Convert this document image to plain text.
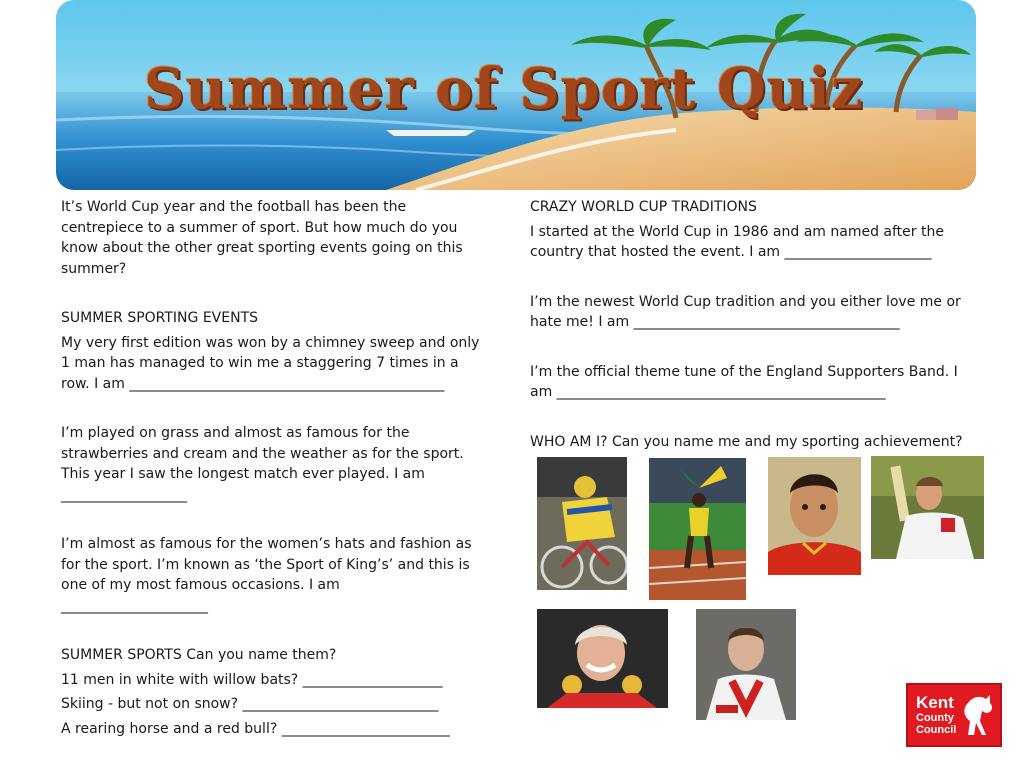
Summer of Sport Quiz

It’s World Cup year and the football has been the centrepiece to a summer of sport. But how much do you know about the other great sporting events going on this summer?

SUMMER SPORTING EVENTS

My very first edition was won by a chimney sweep and only 1 man has managed to win me a staggering 7 times in a row. I am _____________________________________________

I’m played on grass and almost as famous for the strawberries and cream and the weather as for the sport. This year I saw the longest match ever played. I am __________________

I’m almost as famous for the women’s hats and fashion as for the sport. I’m known as ‘the Sport of King’s’ and this is one of my most famous occasions. I am _____________________

SUMMER SPORTS Can you name them?

11 men in white with willow bats? ____________________

Skiing - but not on snow? ____________________________

A rearing horse and a red bull? ________________________

CRAZY WORLD CUP TRADITIONS

I started at the World Cup in 1986 and am named after the country that hosted the event. I am _____________________

I’m the newest World Cup tradition and you either love me or hate me! I am ______________________________________

I’m the official theme tune of the England Supporters Band. I am _______________________________________________

WHO AM I? Can you name me and my sporting achievement?

Kent
County
Council
